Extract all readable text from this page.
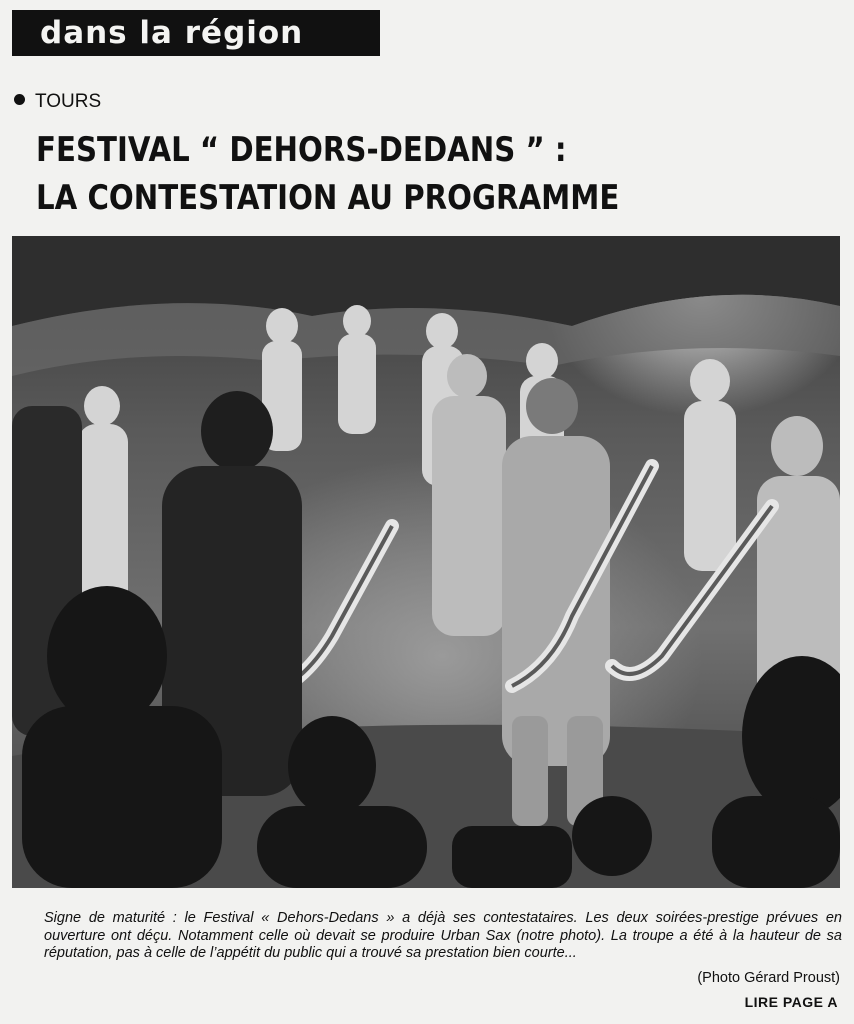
dans la région
TOURS
FESTIVAL “ DEHORS-DEDANS ” :
LA CONTESTATION AU PROGRAMME

Signe de maturité : le Festival « Dehors-Dedans » a déjà ses contestataires. Les deux soirées-prestige prévues en ouverture ont déçu. Notamment celle où devait se produire Urban Sax (notre photo). La troupe a été à la hauteur de sa réputation, pas à celle de l’appétit du public qui a trouvé sa prestation bien courte...

(Photo Gérard Proust)
LIRE PAGE A
